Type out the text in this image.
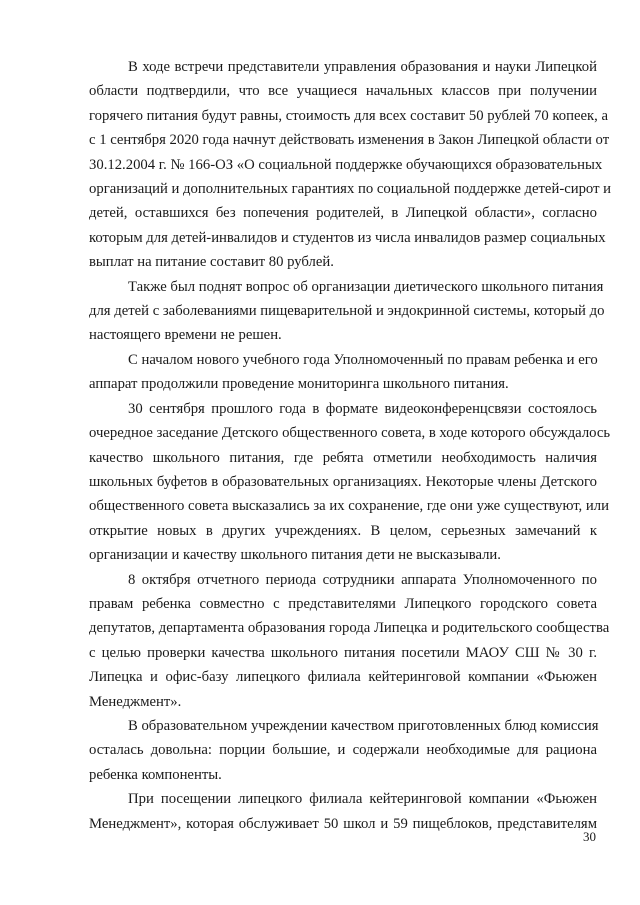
В ходе встречи представители управления образования и науки Липецкой
области подтвердили, что все учащиеся начальных классов при получении
горячего питания будут равны, стоимость для всех составит 50 рублей 70 копеек, а
с 1 сентября 2020 года начнут действовать изменения в Закон Липецкой области от
30.12.2004 г. № 166-ОЗ «О социальной поддержке обучающихся образовательных
организаций и дополнительных гарантиях по социальной поддержке детей-сирот и
детей, оставшихся без попечения родителей, в Липецкой области», согласно
которым для детей-инвалидов и студентов из числа инвалидов размер социальных
выплат на питание составит 80 рублей.

Также был поднят вопрос об организации диетического школьного питания
для детей с заболеваниями пищеварительной и эндокринной системы, который до
настоящего времени не решен.

С началом нового учебного года Уполномоченный по правам ребенка и его
аппарат продолжили проведение мониторинга школьного питания.

30 сентября прошлого года в формате видеоконференцсвязи состоялось
очередное заседание Детского общественного совета, в ходе которого обсуждалось
качество школьного питания, где ребята отметили необходимость наличия
школьных буфетов в образовательных организациях. Некоторые члены Детского
общественного совета высказались за их сохранение, где они уже существуют, или
открытие новых в других учреждениях. В целом, серьезных замечаний к
организации и качеству школьного питания дети не высказывали.

8 октября отчетного периода сотрудники аппарата Уполномоченного по
правам ребенка совместно с представителями Липецкого городского совета
депутатов, департамента образования города Липецка и родительского сообщества
с целью проверки качества школьного питания посетили МАОУ СШ № 30 г.
Липецка и офис-базу липецкого филиала кейтеринговой компании «Фьюжен
Менеджмент».

В образовательном учреждении качеством приготовленных блюд комиссия
осталась довольна: порции большие, и содержали необходимые для рациона
ребенка компоненты.

При посещении липецкого филиала кейтеринговой компании «Фьюжен
Менеджмент», которая обслуживает 50 школ и 59 пищеблоков, представителям

30
